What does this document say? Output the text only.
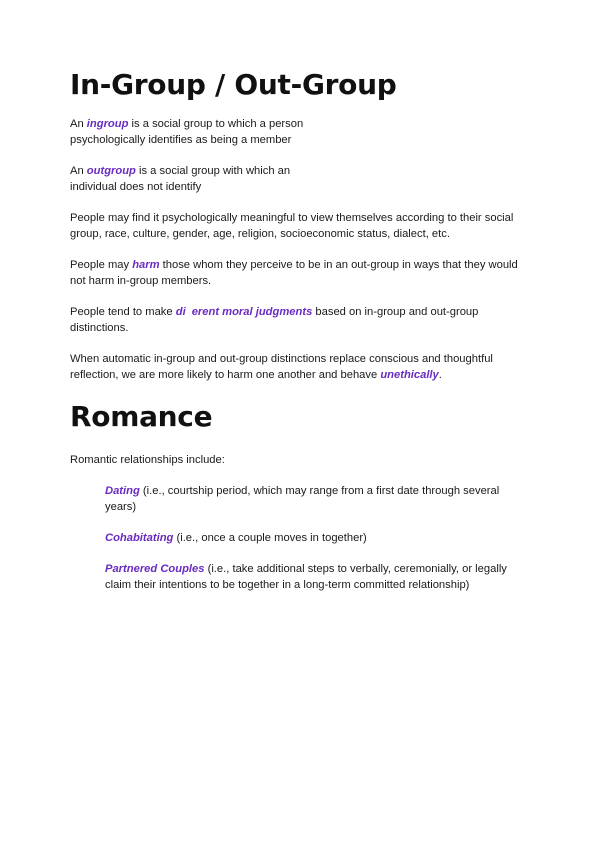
In-Group / Out-Group

An ingroup is a social group to which a person psychologically identifies as being a member

An outgroup is a social group with which an individual does not identify

People may find it psychologically meaningful to view themselves according to their social group, race, culture, gender, age, religion, socioeconomic status, dialect, etc.

People may harm those whom they perceive to be in an out-group in ways that they would not harm in-group members.

People tend to make di erent moral judgments based on in-group and out-group distinctions.

When automatic in-group and out-group distinctions replace conscious and thoughtful reflection, we are more likely to harm one another and behave unethically.

Romance

Romantic relationships include:

Dating (i.e., courtship period, which may range from a first date through several years)

Cohabitating (i.e., once a couple moves in together)

Partnered Couples (i.e., take additional steps to verbally, ceremonially, or legally claim their intentions to be together in a long-term committed relationship)
